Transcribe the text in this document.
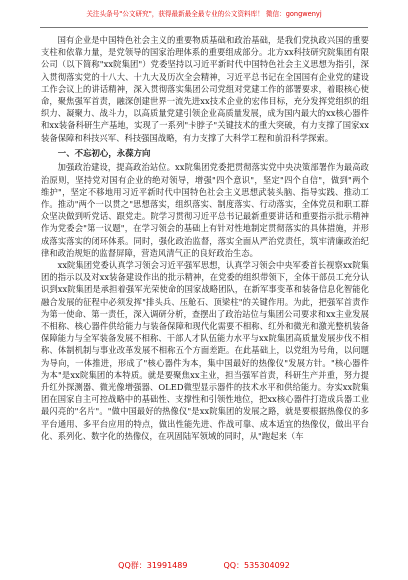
关注头条号"公文研究"，获得最新最全最专业的公文资料库！ 微信：gongwenyj

国有企业是中国特色社会主义的重要物质基础和政治基础，是我们党执政兴国的重要支柱和依靠力量，是党领导的国家治理体系的重要组成部分。北方xx科技研究院集团有限公司（以下简称"xx院集团"）党委坚持以习近平新时代中国特色社会主义思想为指引，深入贯彻落实党的十八大、十九大及历次全会精神，习近平总书记在全国国有企业党的建设工作会议上的讲话精神，深入贯彻落实集团公司党组对党建工作的部署要求，着眼核心使命，聚焦强军首责，融深创建世界一流先进xx技术企业的宏伟目标，充分发挥党组织的组织力、凝聚力、战斗力，以高质量党建引领企业高质量发展，成为国内最大的xx核心器件和xx装备科研生产基地，实现了一系列"卡脖子"关键技术的重大突破，有力支撑了国家xx装备保障和科技兴军、科技强国战略，有力支撑了大科学工程和前沿科学探索。

一、不忘初心，永葆方向

加强政治建设，提高政治站位。xx院集团党委把贯彻落实党中央决策部署作为最高政治原则，坚持党对国有企业的绝对领导，增强"四个意识"，坚定"四个自信"，做到"两个维护"，坚定不移地用习近平新时代中国特色社会主义思想武装头脑、指导实践、推动工作。推动"两个一以贯之"思想落实，组织落实、制度落实、行动落实，全体党员和职工群众坚决做到听党话、跟党走。院学习贯彻习近平总书记最新重要讲话和重要指示批示精神作为党委会"第一议题"，在学习领会的基础上有针对性地制定贯彻落实的具体措施，并形成落实落实的闭环体系。同时，强化政治监督，落实全面从严治党责任，筑牢清廉政治纪律和政治规矩的监督屏障，营造风清气正的良好政治生态。

xx院集团党委认真学习领会习近平强军思想，认真学习领会中央军委首长视察xx院集团的指示以及对xx装备建设作出的批示精神，在党委的组织带领下，全体干部员工充分认识到xx院集团是承担着强军光荣使命的国家战略团队，在新军事变革和装备信息化智能化融合发展的征程中必须发挥"排头兵、压舱石、顶梁柱"的关键作用。为此，把强军首责作为第一使命、第一责任，深入调研分析，查摆出了政治站位与集团公司要求和xx主业发展不相称、核心器件供给能力与装备保障和现代化需要不相称、红外和微光和激光整机装备保障能力与全军装备发展不相称、干部人才队伍能力水平与xx院集团高质量发展步伐不相称、体制机制与事业改革发展不相称五个方面差距。在此基础上，以党组为号角，以问题为导向，一体推进，形成了"核心器件为本，集中国最好的热像仪"发展方针。"核心器件为本"是xx院集团的本特质。就是要聚焦xx主业，担当强军首责，科研生产并重，努力提升红外探测器、微光像增强器、OLED微型显示器件的技术水平和供给能力。夯实xx院集团在国家自主可控战略中的基础性、支撑性和引领性地位，把xx核心器件打造成兵器工业最闪亮的"名片"。"做中国最好的热像仪"是xx院集团的发展之路，就是要根据热像仪的多平台通用、多平台应用的特点，做出性能先进、作战可靠、成本适宜的热像仪，做出平台化、系列化、数字化的热像仪，在巩固陆军领域的同时，从"跑起来（车

QQ群：31991489	QQ：535304092
